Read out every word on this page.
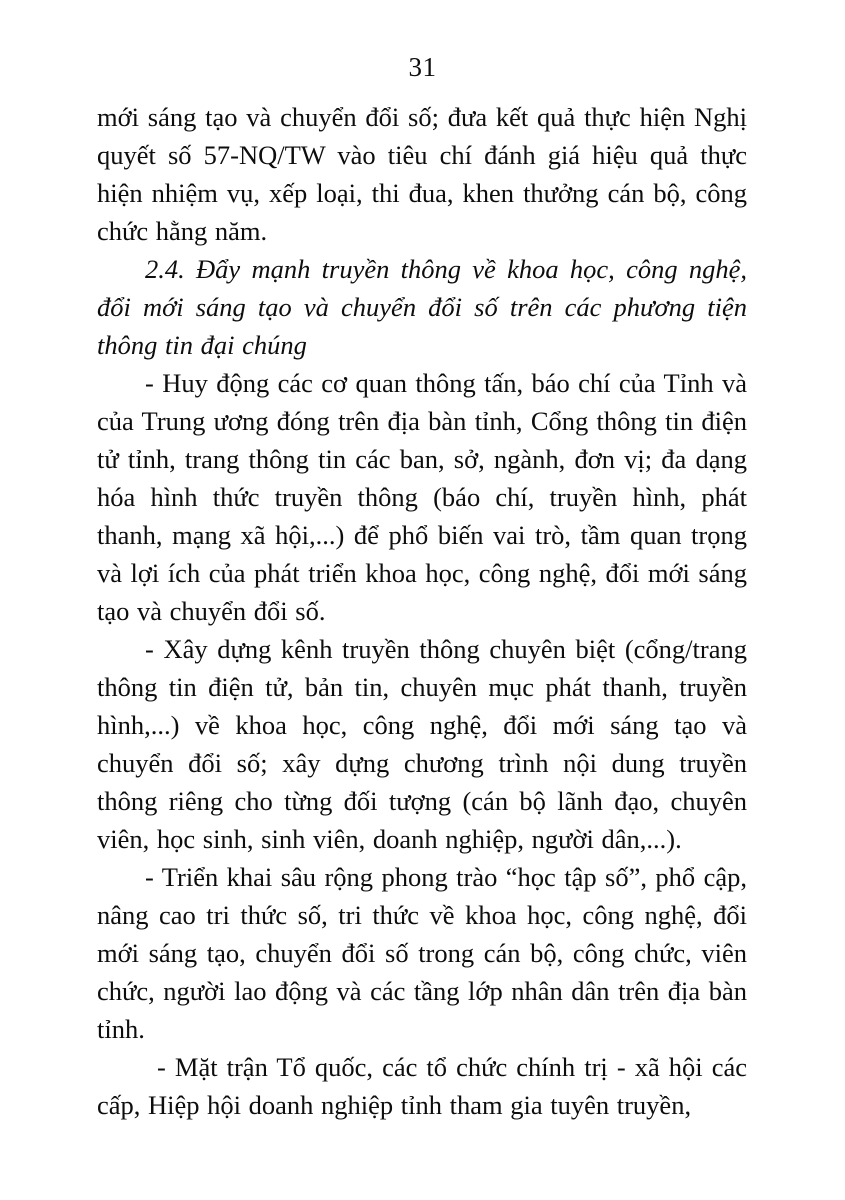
31

mới sáng tạo và chuyển đổi số; đưa kết quả thực hiện Nghị quyết số 57-NQ/TW vào tiêu chí đánh giá hiệu quả thực hiện nhiệm vụ, xếp loại, thi đua, khen thưởng cán bộ, công chức hằng năm.

2.4. Đẩy mạnh truyền thông về khoa học, công nghệ, đổi mới sáng tạo và chuyển đổi số trên các phương tiện thông tin đại chúng

- Huy động các cơ quan thông tấn, báo chí của Tỉnh và của Trung ương đóng trên địa bàn tỉnh, Cổng thông tin điện tử tỉnh, trang thông tin các ban, sở, ngành, đơn vị; đa dạng hóa hình thức truyền thông (báo chí, truyền hình, phát thanh, mạng xã hội,...) để phổ biến vai trò, tầm quan trọng và lợi ích của phát triển khoa học, công nghệ, đổi mới sáng tạo và chuyển đổi số.

- Xây dựng kênh truyền thông chuyên biệt (cổng/trang thông tin điện tử, bản tin, chuyên mục phát thanh, truyền hình,...) về khoa học, công nghệ, đổi mới sáng tạo và chuyển đổi số; xây dựng chương trình nội dung truyền thông riêng cho từng đối tượng (cán bộ lãnh đạo, chuyên viên, học sinh, sinh viên, doanh nghiệp, người dân,...).

- Triển khai sâu rộng phong trào “học tập số”, phổ cập, nâng cao tri thức số, tri thức về khoa học, công nghệ, đổi mới sáng tạo, chuyển đổi số trong cán bộ, công chức, viên chức, người lao động và các tầng lớp nhân dân trên địa bàn tỉnh.

- Mặt trận Tổ quốc, các tổ chức chính trị - xã hội các cấp, Hiệp hội doanh nghiệp tỉnh tham gia tuyên truyền,
